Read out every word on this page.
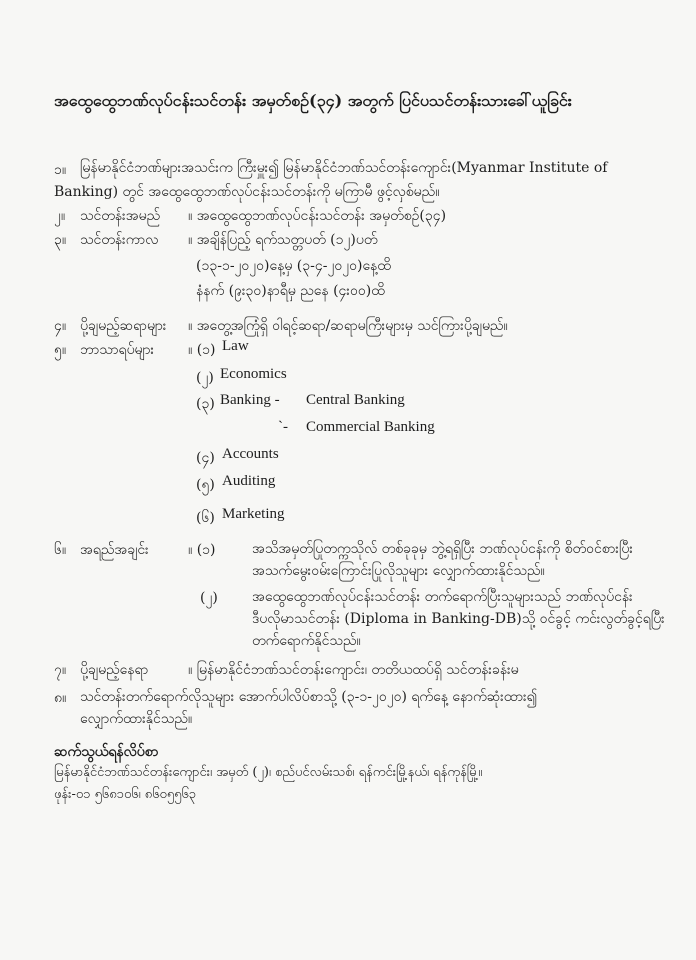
အထွေထွေဘဏ်လုပ်ငန်းသင်တန်း အမှတ်စဉ်(၃၄) အတွက် ပြင်ပသင်တန်းသားခေါ်ယူခြင်း
၁။ မြန်မာနိုင်ငံဘဏ်များအသင်းက ကြီးမှူး၍ မြန်မာနိုင်ငံဘဏ်သင်တန်းကျောင်း(Myanmar Institute of
Banking) တွင် အထွေထွေဘဏ်လုပ်ငန်းသင်တန်းကို မကြာမီ ဖွင့်လှစ်မည်။
၂။ သင်တန်းအမည် ။ အထွေထွေဘဏ်လုပ်ငန်းသင်တန်း အမှတ်စဉ်(၃၄)
၃။ သင်တန်းကာလ ။ အချိန်ပြည့် ရက်သတ္တပတ် (၁၂)ပတ်
(၁၃-၁-၂၀၂၀)နေ့မှ (၃-၄-၂၀၂၀)နေ့ထိ
နံနက် (၉း၃၀)နာရီမှ ညနေ (၄း၀၀)ထိ
၄။ ပို့ချမည့်ဆရာများ ။ အတွေ့အကြုံရှိ ဝါရင့်ဆရာ/ဆရာမကြီးများမှ သင်ကြားပို့ချမည်။
၅။ ဘာသာရပ်များ ။ (၁) Law
(၂) Economics
(၃) Banking - Central Banking
`- Commercial Banking
(၄) Accounts
(၅) Auditing
(၆) Marketing
၆။ အရည်အချင်း	။ (၁)	အသိအမှတ်ပြုတက္ကသိုလ် တစ်ခုခုမှ ဘွဲ့ရရှိပြီး ဘဏ်လုပ်ငန်းကို စိတ်ဝင်စားပြီး
အသက်မွေးဝမ်းကြောင်းပြုလိုသူများ လျှောက်ထားနိုင်သည်။
(၂) အထွေထွေဘဏ်လုပ်ငန်းသင်တန်း တက်ရောက်ပြီးသူများသည် ဘဏ်လုပ်ငန်း
ဒီပလိုမာသင်တန်း (Diploma in Banking-DB)သို့ ဝင်ခွင့် ကင်းလွတ်ခွင့်ရပြီး
တက်ရောက်နိုင်သည်။
၇။ ပို့ချမည့်နေရာ	။ မြန်မာနိုင်ငံဘဏ်သင်တန်းကျောင်း၊ တတိယထပ်ရှိ သင်တန်းခန်းမ
၈။ သင်တန်းတက်ရောက်လိုသူများ အောက်ပါလိပ်စာသို့ (၃-၁-၂၀၂၀) ရက်နေ့ နောက်ဆုံးထား၍
လျှောက်ထားနိုင်သည်။
ဆက်သွယ်ရန်လိပ်စာ
မြန်မာနိုင်ငံဘဏ်သင်တန်းကျောင်း၊ အမှတ် (၂)၊ စည်ပင်လမ်းသစ်၊ ရန်ကင်းမြို့နယ်၊ ရန်ကုန်မြို့။
ဖုန်း-၀၁ ၅၆၈၁၀၆၊ ၈၆၀၅၅၆၃
